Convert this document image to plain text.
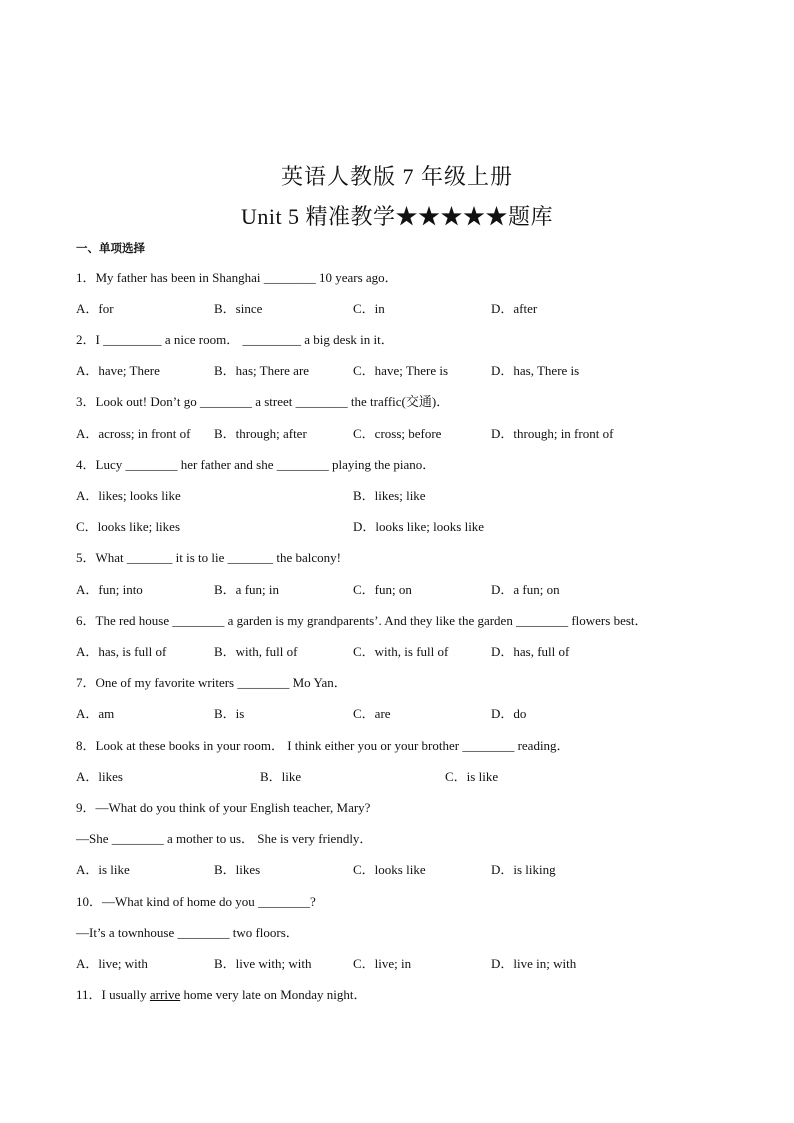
英语人教版 7 年级上册
Unit 5 精准教学★★★★★题库
一、单项选择
1．My father has been in Shanghai ________ 10 years ago．
A．for	B．since	C．in	D．after
2．I _________ a nice room． _________ a big desk in it．
A．have; There	B．has; There are	C．have; There is	D．has, There is
3．Look out! Don’t go ________ a street ________ the traffic(交通)．
A．across; in front of B．through; after	C．cross; before	D．through; in front of
4．Lucy ________ her father and she ________ playing the piano．
A．likes; looks like	B．likes; like
C．looks like; likes	D．looks like; looks like
5．What _______ it is to lie _______ the balcony!
A．fun; into	B．a fun; in	C．fun; on	D．a fun; on
6．The red house ________ a garden is my grandparents’. And they like the garden ________ flowers best．
A．has, is full of	B．with, full of	C．with, is full of	D．has, full of
7．One of my favorite writers ________ Mo Yan．
A．am	B．is	C．are	D．do
8．Look at these books in your room． I think either you or your brother ________ reading．
A．likes	B．like	C．is like
9．—What do you think of your English teacher, Mary?
—She ________ a mother to us． She is very friendly．
A．is like	B．likes	C．looks like	D．is liking
10．—What kind of home do you ________?
—It’s a townhouse ________ two floors．
A．live; with	B．live with; with	C．live; in	D．live in; with
11．I usually arrive home very late on Monday night．
